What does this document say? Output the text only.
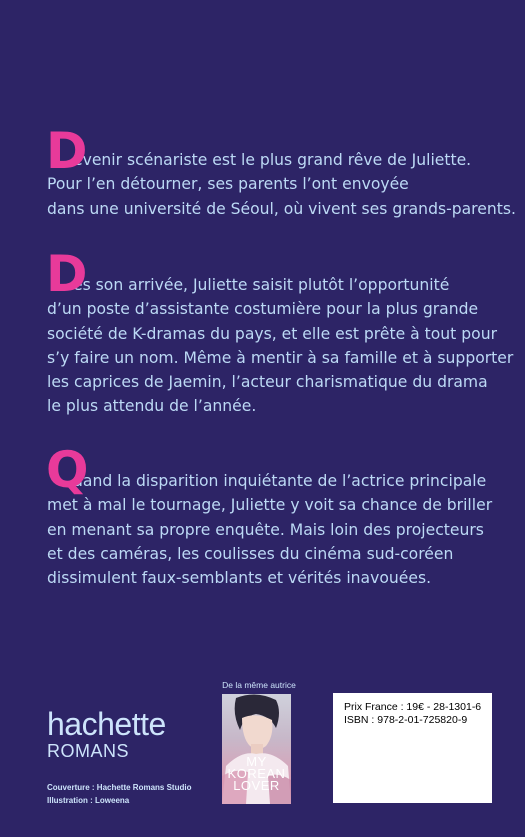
D
evenir scénariste est le plus grand rêve de Juliette.
Pour l’en détourner, ses parents l’ont envoyée
dans une université de Séoul, où vivent ses grands-parents.
D
ès son arrivée, Juliette saisit plutôt l’opportunité
d’un poste d’assistante costumière pour la plus grande
société de K-dramas du pays, et elle est prête à tout pour
s’y faire un nom. Même à mentir à sa famille et à supporter
les caprices de Jaemin, l’acteur charismatique du drama
le plus attendu de l’année.
Q
uand la disparition inquiétante de l’actrice principale
met à mal le tournage, Juliette y voit sa chance de briller
en menant sa propre enquête. Mais loin des projecteurs
et des caméras, les coulisses du cinéma sud-coréen
dissimulent faux-semblants et vérités inavouées.
hachette
ROMANS
Couverture : Hachette Romans Studio
Illustration : Loweena
De la même autrice
MY
KOREAN
LOVER
Prix France : 19€ - 28-1301-6
ISBN : 978-2-01-725820-9
